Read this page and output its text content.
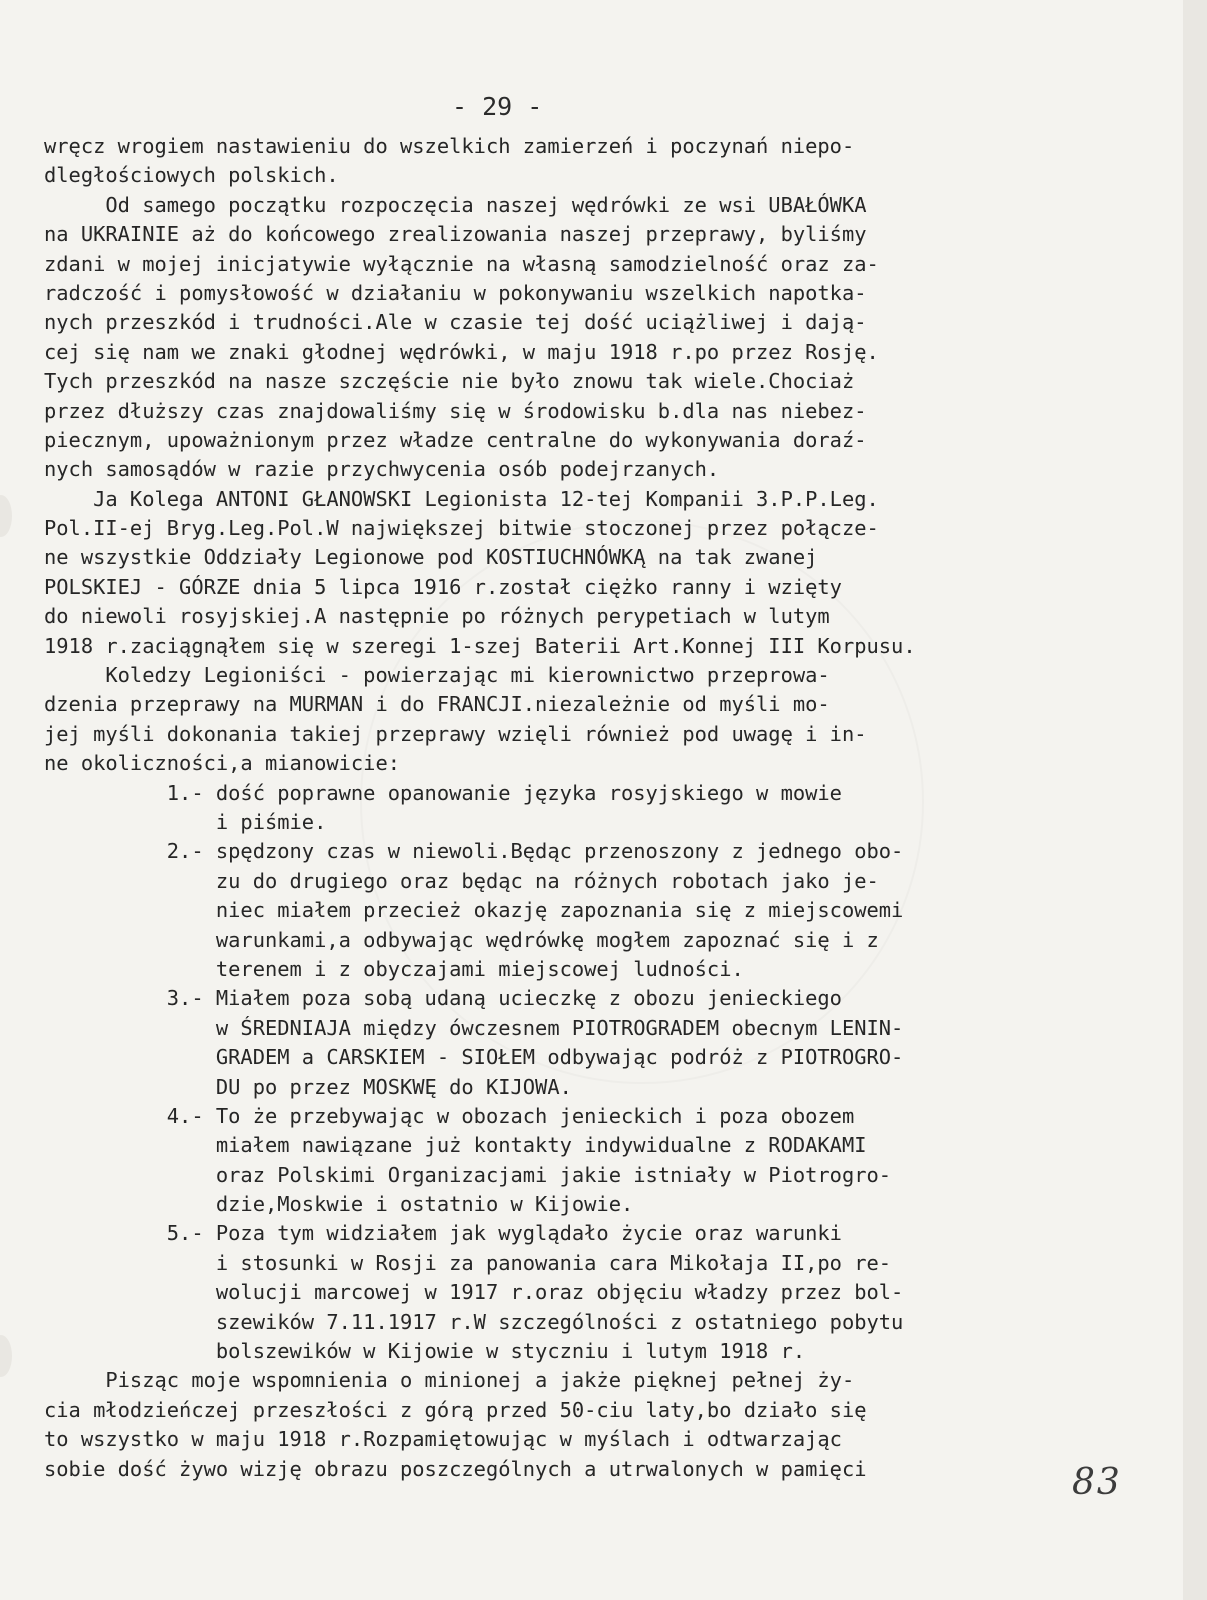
- 29 -
wręcz wrogiem nastawieniu do wszelkich zamierzeń i poczynań niepo-
dległościowych polskich.
Od samego początku rozpoczęcia naszej wędrówki ze wsi UBAŁÓWKA
na UKRAINIE aż do końcowego zrealizowania naszej przeprawy, byliśmy
zdani w mojej inicjatywie wyłącznie na własną samodzielność oraz za-
radczość i pomysłowość w działaniu w pokonywaniu wszelkich napotka-
nych przeszkód i trudności.Ale w czasie tej dość uciążliwej i dają-
cej się nam we znaki głodnej wędrówki, w maju 1918 r.po przez Rosję.
Tych przeszkód na nasze szczęście nie było znowu tak wiele.Chociaż
przez dłuższy czas znajdowaliśmy się w środowisku b.dla nas niebez-
piecznym, upoważnionym przez władze centralne do wykonywania doraź-
nych samosądów w razie przychwycenia osób podejrzanych.
Ja Kolega ANTONI GŁANOWSKI Legionista 12-tej Kompanii 3.P.P.Leg.
Pol.II-ej Bryg.Leg.Pol.W największej bitwie stoczonej przez połącze-
ne wszystkie Oddziały Legionowe pod KOSTIUCHNÓWKĄ na tak zwanej
POLSKIEJ - GÓRZE dnia 5 lipca 1916 r.został ciężko ranny i wzięty
do niewoli rosyjskiej.A następnie po różnych perypetiach w lutym
1918 r.zaciągnąłem się w szeregi 1-szej Baterii Art.Konnej III Korpusu.
Koledzy Legioniści - powierzając mi kierownictwo przeprowa-
dzenia przeprawy na MURMAN i do FRANCJI.niezależnie od myśli mo-
jej myśli dokonania takiej przeprawy wzięli również pod uwagę i in-
ne okoliczności,a mianowicie:
1.- dość poprawne opanowanie języka rosyjskiego w mowie
i piśmie.
2.- spędzony czas w niewoli.Będąc przenoszony z jednego obo-
zu do drugiego oraz będąc na różnych robotach jako je-
niec miałem przecież okazję zapoznania się z miejscowemi
warunkami,a odbywając wędrówkę mogłem zapoznać się i z
terenem i z obyczajami miejscowej ludności.
3.- Miałem poza sobą udaną ucieczkę z obozu jenieckiego
w ŚREDNIAJA między ówczesnem PIOTROGRADEM obecnym LENIN-
GRADEM a CARSKIEM - SIOŁEM odbywając podróż z PIOTROGRO-
DU po przez MOSKWĘ do KIJOWA.
4.- To że przebywając w obozach jenieckich i poza obozem
miałem nawiązane już kontakty indywidualne z RODAKAMI
oraz Polskimi Organizacjami jakie istniały w Piotrogro-
dzie,Moskwie i ostatnio w Kijowie.
5.- Poza tym widziałem jak wyglądało życie oraz warunki
i stosunki w Rosji za panowania cara Mikołaja II,po re-
wolucji marcowej w 1917 r.oraz objęciu władzy przez bol-
szewików 7.11.1917 r.W szczególności z ostatniego pobytu
bolszewików w Kijowie w styczniu i lutym 1918 r.
Pisząc moje wspomnienia o minionej a jakże pięknej pełnej ży-
cia młodzieńczej przeszłości z górą przed 50-ciu laty,bo działo się
to wszystko w maju 1918 r.Rozpamiętowując w myślach i odtwarzając
sobie dość żywo wizję obrazu poszczególnych a utrwalonych w pamięci	83
